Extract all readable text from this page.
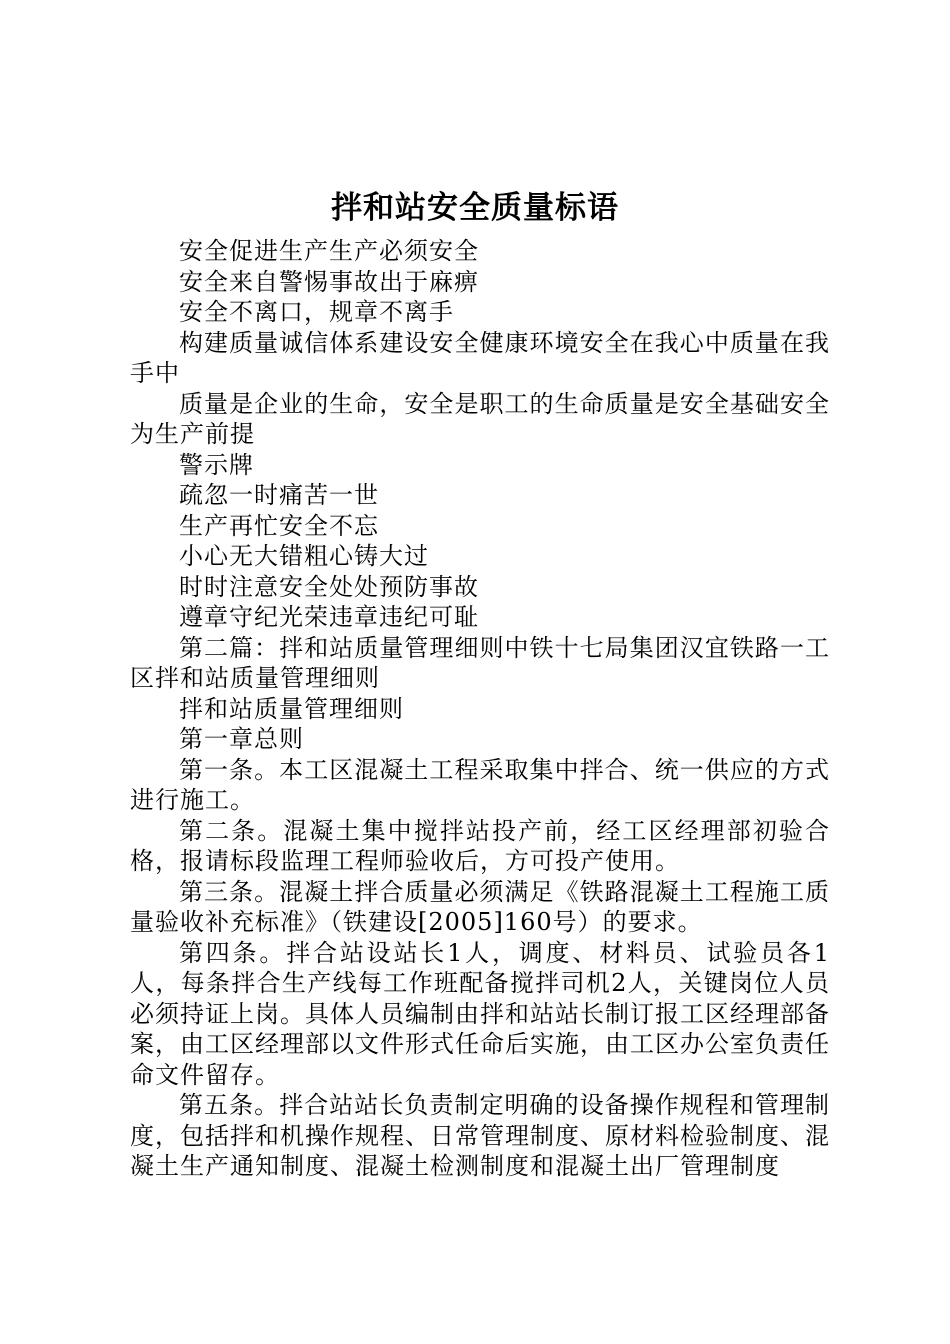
拌和站安全质量标语

安全促进生产生产必须安全

安全来自警惕事故出于麻痹

安全不离口，规章不离手

构建质量诚信体系建设安全健康环境安全在我心中质量在我手中

质量是企业的生命，安全是职工的生命质量是安全基础安全为生产前提

警示牌

疏忽一时痛苦一世

生产再忙安全不忘

小心无大错粗心铸大过

时时注意安全处处预防事故

遵章守纪光荣违章违纪可耻

第二篇：拌和站质量管理细则中铁十七局集团汉宜铁路一工区拌和站质量管理细则

拌和站质量管理细则

第一章总则

第一条。本工区混凝土工程采取集中拌合、统一供应的方式进行施工。

第二条。混凝土集中搅拌站投产前，经工区经理部初验合格，报请标段监理工程师验收后，方可投产使用。

第三条。混凝土拌合质量必须满足《铁路混凝土工程施工质量验收补充标准》（铁建设[2005]160号）的要求。

第四条。拌合站设站长1人，调度、材料员、试验员各1人，每条拌合生产线每工作班配备搅拌司机2人，关键岗位人员必须持证上岗。具体人员编制由拌和站站长制订报工区经理部备案，由工区经理部以文件形式任命后实施，由工区办公室负责任命文件留存。

第五条。拌合站站长负责制定明确的设备操作规程和管理制度，包括拌和机操作规程、日常管理制度、原材料检验制度、混凝土生产通知制度、混凝土检测制度和混凝土出厂管理制度
